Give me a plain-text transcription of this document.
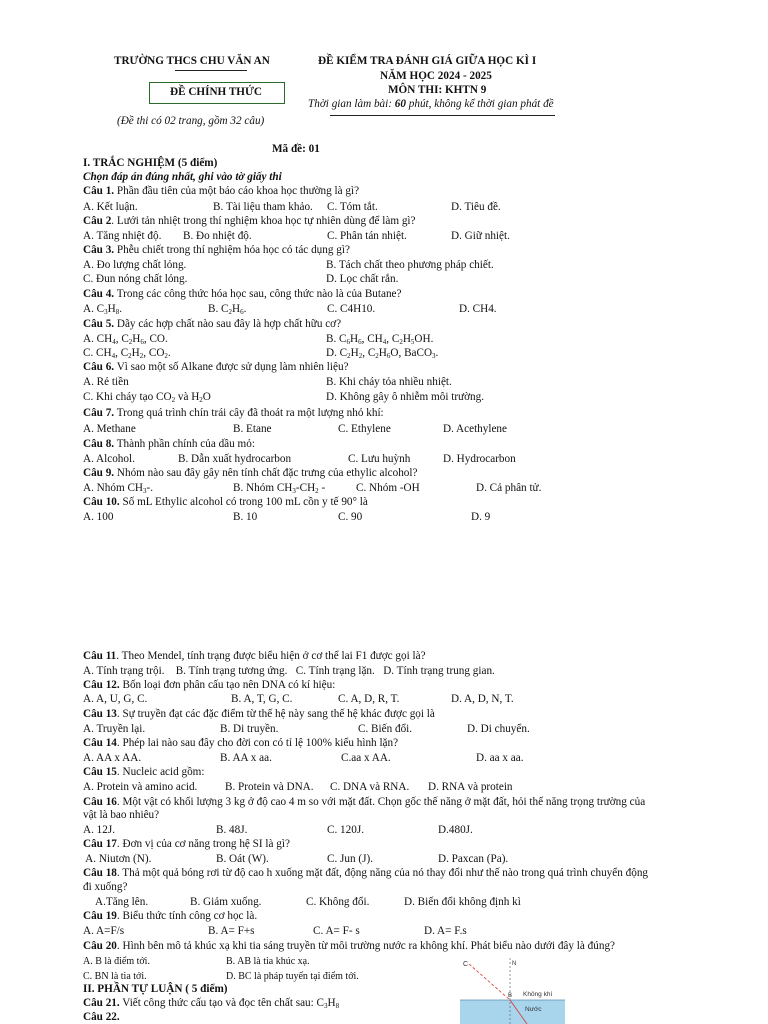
TRƯỜNG THCS CHU VĂN AN
ĐỀ CHÍNH THỨC
(Đề thi có 02 trang, gồm 32 câu)
ĐỀ KIỂM TRA ĐÁNH GIÁ GIỮA HỌC KÌ I
NĂM HỌC 2024 - 2025
MÔN THI: KHTN 9
Thời gian làm bài: 60 phút, không kể thời gian phát đề
Mã đề: 01
I. TRẮC NGHIỆM (5 điểm)
Chọn đáp án đúng nhất, ghi vào tờ giấy thi
Câu 1. Phần đầu tiên của một báo cáo khoa học thường là gì?
A. Kết luận.	B. Tài liệu tham khảo. C. Tóm tắt.	D. Tiêu đề.
Câu 2. Lưới tản nhiệt trong thí nghiệm khoa học tự nhiên dùng để làm gì?
A. Tăng nhiệt độ. B. Đo nhiệt độ.	C. Phân tán nhiệt.	D. Giữ nhiệt.
Câu 3. Phễu chiết trong thí nghiệm hóa học có tác dụng gì?
A. Đo lượng chất lỏng.	B. Tách chất theo phương pháp chiết.
C. Đun nóng chất lỏng.	D. Lọc chất rắn.
Câu 4. Trong các công thức hóa học sau, công thức nào là của Butane?
A. $C_3H_8$.	B. $C_2H_6$.	C. C4H10.	D. CH4.
Câu 5. Dãy các hợp chất nào sau đây là hợp chất hữu cơ?
A. $CH_4$, $C_2H_6$, CO.	B. $C_6H_6$, $CH_4$, $C_2H_5OH$.
C. $CH_4$, $C_2H_2$, $CO_2$.	D. $C_2H_2$, $C_2H_6O$, BaCO$_3$.
Câu 6. Vì sao một số Alkane được sử dụng làm nhiên liệu?
A. Rẻ tiền	B. Khi cháy tỏa nhiều nhiệt.
C. Khi cháy tạo $CO_2$ và $H_2O$	D. Không gây ô nhiễm môi trường.
Câu 7. Trong quá trình chín trái cây đã thoát ra một lượng nhỏ khí:
A. Methane	B. Etane	C. Ethylene	D. Acethylene
Câu 8. Thành phần chính của dầu mỏ:
A. Alcohol.	B. Dẫn xuất hydrocarbon	C. Lưu huỳnh	D. Hydrocarbon
Câu 9. Nhóm nào sau đây gây nên tính chất đặc trưng của ethylic alcohol?
A. Nhóm $CH_3-$.	B. Nhóm $CH_3-CH_2$ -	C. Nhóm -OH	D. Cả phân tử.
Câu 10. Số mL Ethylic alcohol có trong 100 mL cồn y tế 90° là
A. 100	B. 10	C. 90	D. 9
Câu 11. Theo Mendel, tính trạng được biểu hiện ở cơ thể lai F1 được gọi là?
A. Tính trạng trội.    B. Tính trạng tương ứng.   C. Tính trạng lặn.   D. Tính trạng trung gian.
Câu 12. Bốn loại đơn phân cấu tạo nên DNA có kí hiệu:
A. A, U, G, C.	B. A, T, G, C.	C. A, D, R, T.	D. A, D, N, T.
Câu 13. Sự truyền đạt các đặc điểm từ thế hệ này sang thế hệ khác được gọi là
A. Truyền lại.	B. Di truyền.	C. Biến đổi.	D. Di chuyển.
Câu 14. Phép lai nào sau đây cho đời con có tỉ lệ 100% kiểu hình lặn?
A. AA x AA.	B. AA x aa.	C.aa x AA.	D. aa x aa.
Câu 15. Nucleic acid gồm:
A. Protein và amino acid. B. Protein và DNA. C. DNA và RNA. D. RNA và protein
Câu 16. Một vật có khối lượng 3 kg ở độ cao 4 m so với mặt đất. Chọn gốc thế năng ở mặt đất, hỏi thế năng trọng trường của
vật là bao nhiêu?
A. 12J.	B. 48J.	C. 120J.	D.480J.
Câu 17. Đơn vị của cơ năng trong hệ SI là gì?
A. Niutơn (N).	B. Oát (W).	C. Jun (J).	D. Paxcan (Pa).
Câu 18. Thả một quả bóng rơi từ độ cao h xuống mặt đất, động năng của nó thay đổi như thế nào trong quá trình chuyển động
đi xuống?
A.Tăng lên.	B. Giảm xuống.	C. Không đổi.	D. Biến đổi không định kì
Câu 19. Biểu thức tính công cơ học là.
A. A=F/s	B. A= F+s	C. A= F- s	D. A= F.s
Câu 20. Hình bên mô tả khúc xạ khi tia sáng truyền từ môi trường nước ra không khí. Phát biểu nào dưới đây là đúng?
A. B là điểm tới.	B. AB là tia khúc xạ.
C. BN là tia tới.	D. BC là pháp tuyến tại điểm tới.
C	N
B Không khí
Nước
II. PHẦN TỰ LUẬN ( 5 điểm)
Câu 21. Viết công thức cấu tạo và đọc tên chất sau: $C_3H_8$
Câu 22.
